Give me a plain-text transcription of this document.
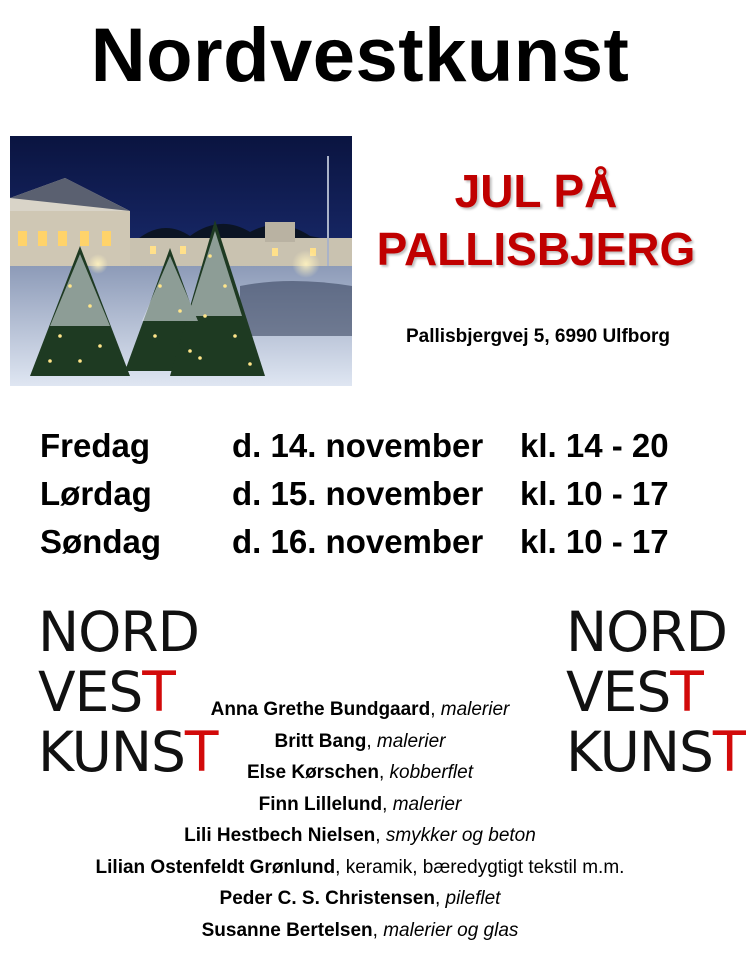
Nordvestkunst
JUL PÅ
PALLISBJERG
Pallisbjergvej 5, 6990 Ulfborg
Fredag d. 14. november kl. 14 - 20
Lørdag d. 15. november kl. 10 - 17
Søndag d. 16. november kl. 10 - 17
NORD
VEST
KUNST
NORD
VEST
KUNST
Anna Grethe Bundgaard, malerier
Britt Bang, malerier
Else Kørschen, kobberflet
Finn Lillelund, malerier
Lili Hestbech Nielsen, smykker og beton
Lilian Ostenfeldt Grønlund, keramik, bæredygtigt tekstil m.m.
Peder C. S. Christensen, pileflet
Susanne Bertelsen, malerier og glas
